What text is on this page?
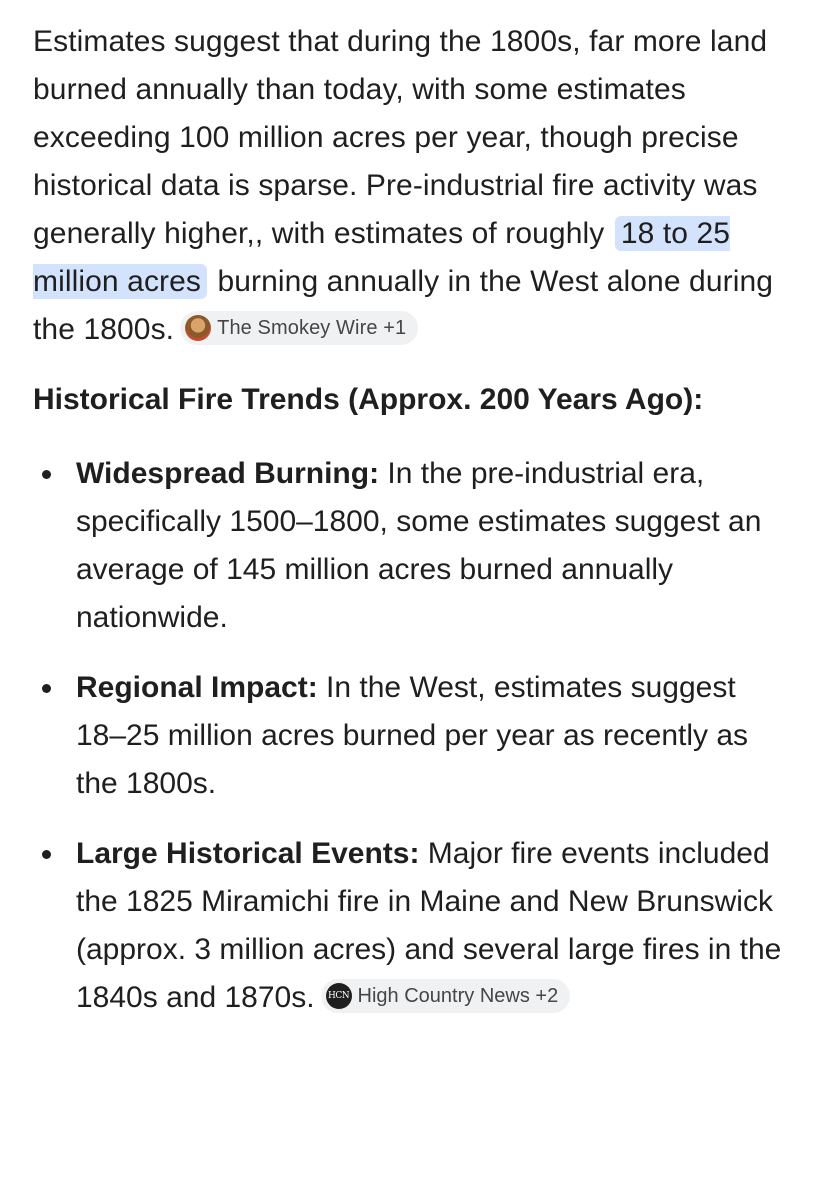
Estimates suggest that during the 1800s, far more land burned annually than today, with some estimates exceeding 100 million acres per year, though precise historical data is sparse. Pre-industrial fire activity was generally higher,, with estimates of roughly 18 to 25 million acres burning annually in the West alone during the 1800s. The Smokey Wire +1

Historical Fire Trends (Approx. 200 Years Ago):
Widespread Burning: In the pre-industrial era, specifically 1500–1800, some estimates suggest an average of 145 million acres burned annually nationwide.
Regional Impact: In the West, estimates suggest 18–25 million acres burned per year as recently as the 1800s.
Large Historical Events: Major fire events included the 1825 Miramichi fire in Maine and New Brunswick (approx. 3 million acres) and several large fires in the 1840s and 1870s. HCN High Country News +2
